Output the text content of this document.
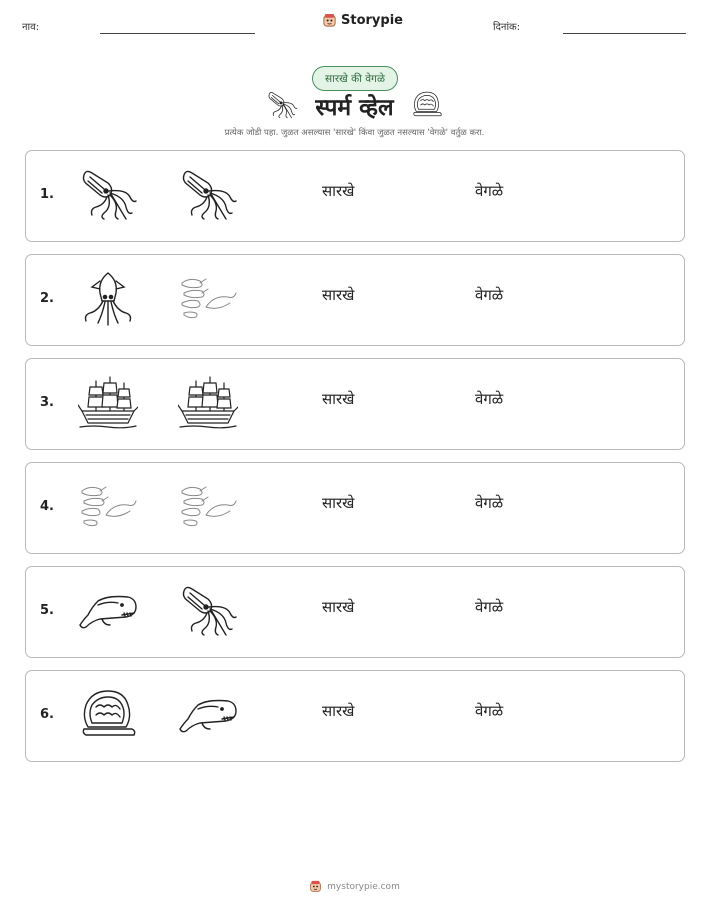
नाव:	Storypie	दिनांक:
सारखे की वेगळे
स्पर्म व्हेल
प्रत्येक जोडी पहा. जुळत असल्यास 'सारखे' किंवा जुळत नसल्यास 'वेगळे' वर्तुळ करा.
1.	सारखे	वेगळे
2.	सारखे	वेगळे
3.	सारखे	वेगळे
4.	सारखे	वेगळे
5.	सारखे	वेगळे
6.	सारखे	वेगळे
mystorypie.com
